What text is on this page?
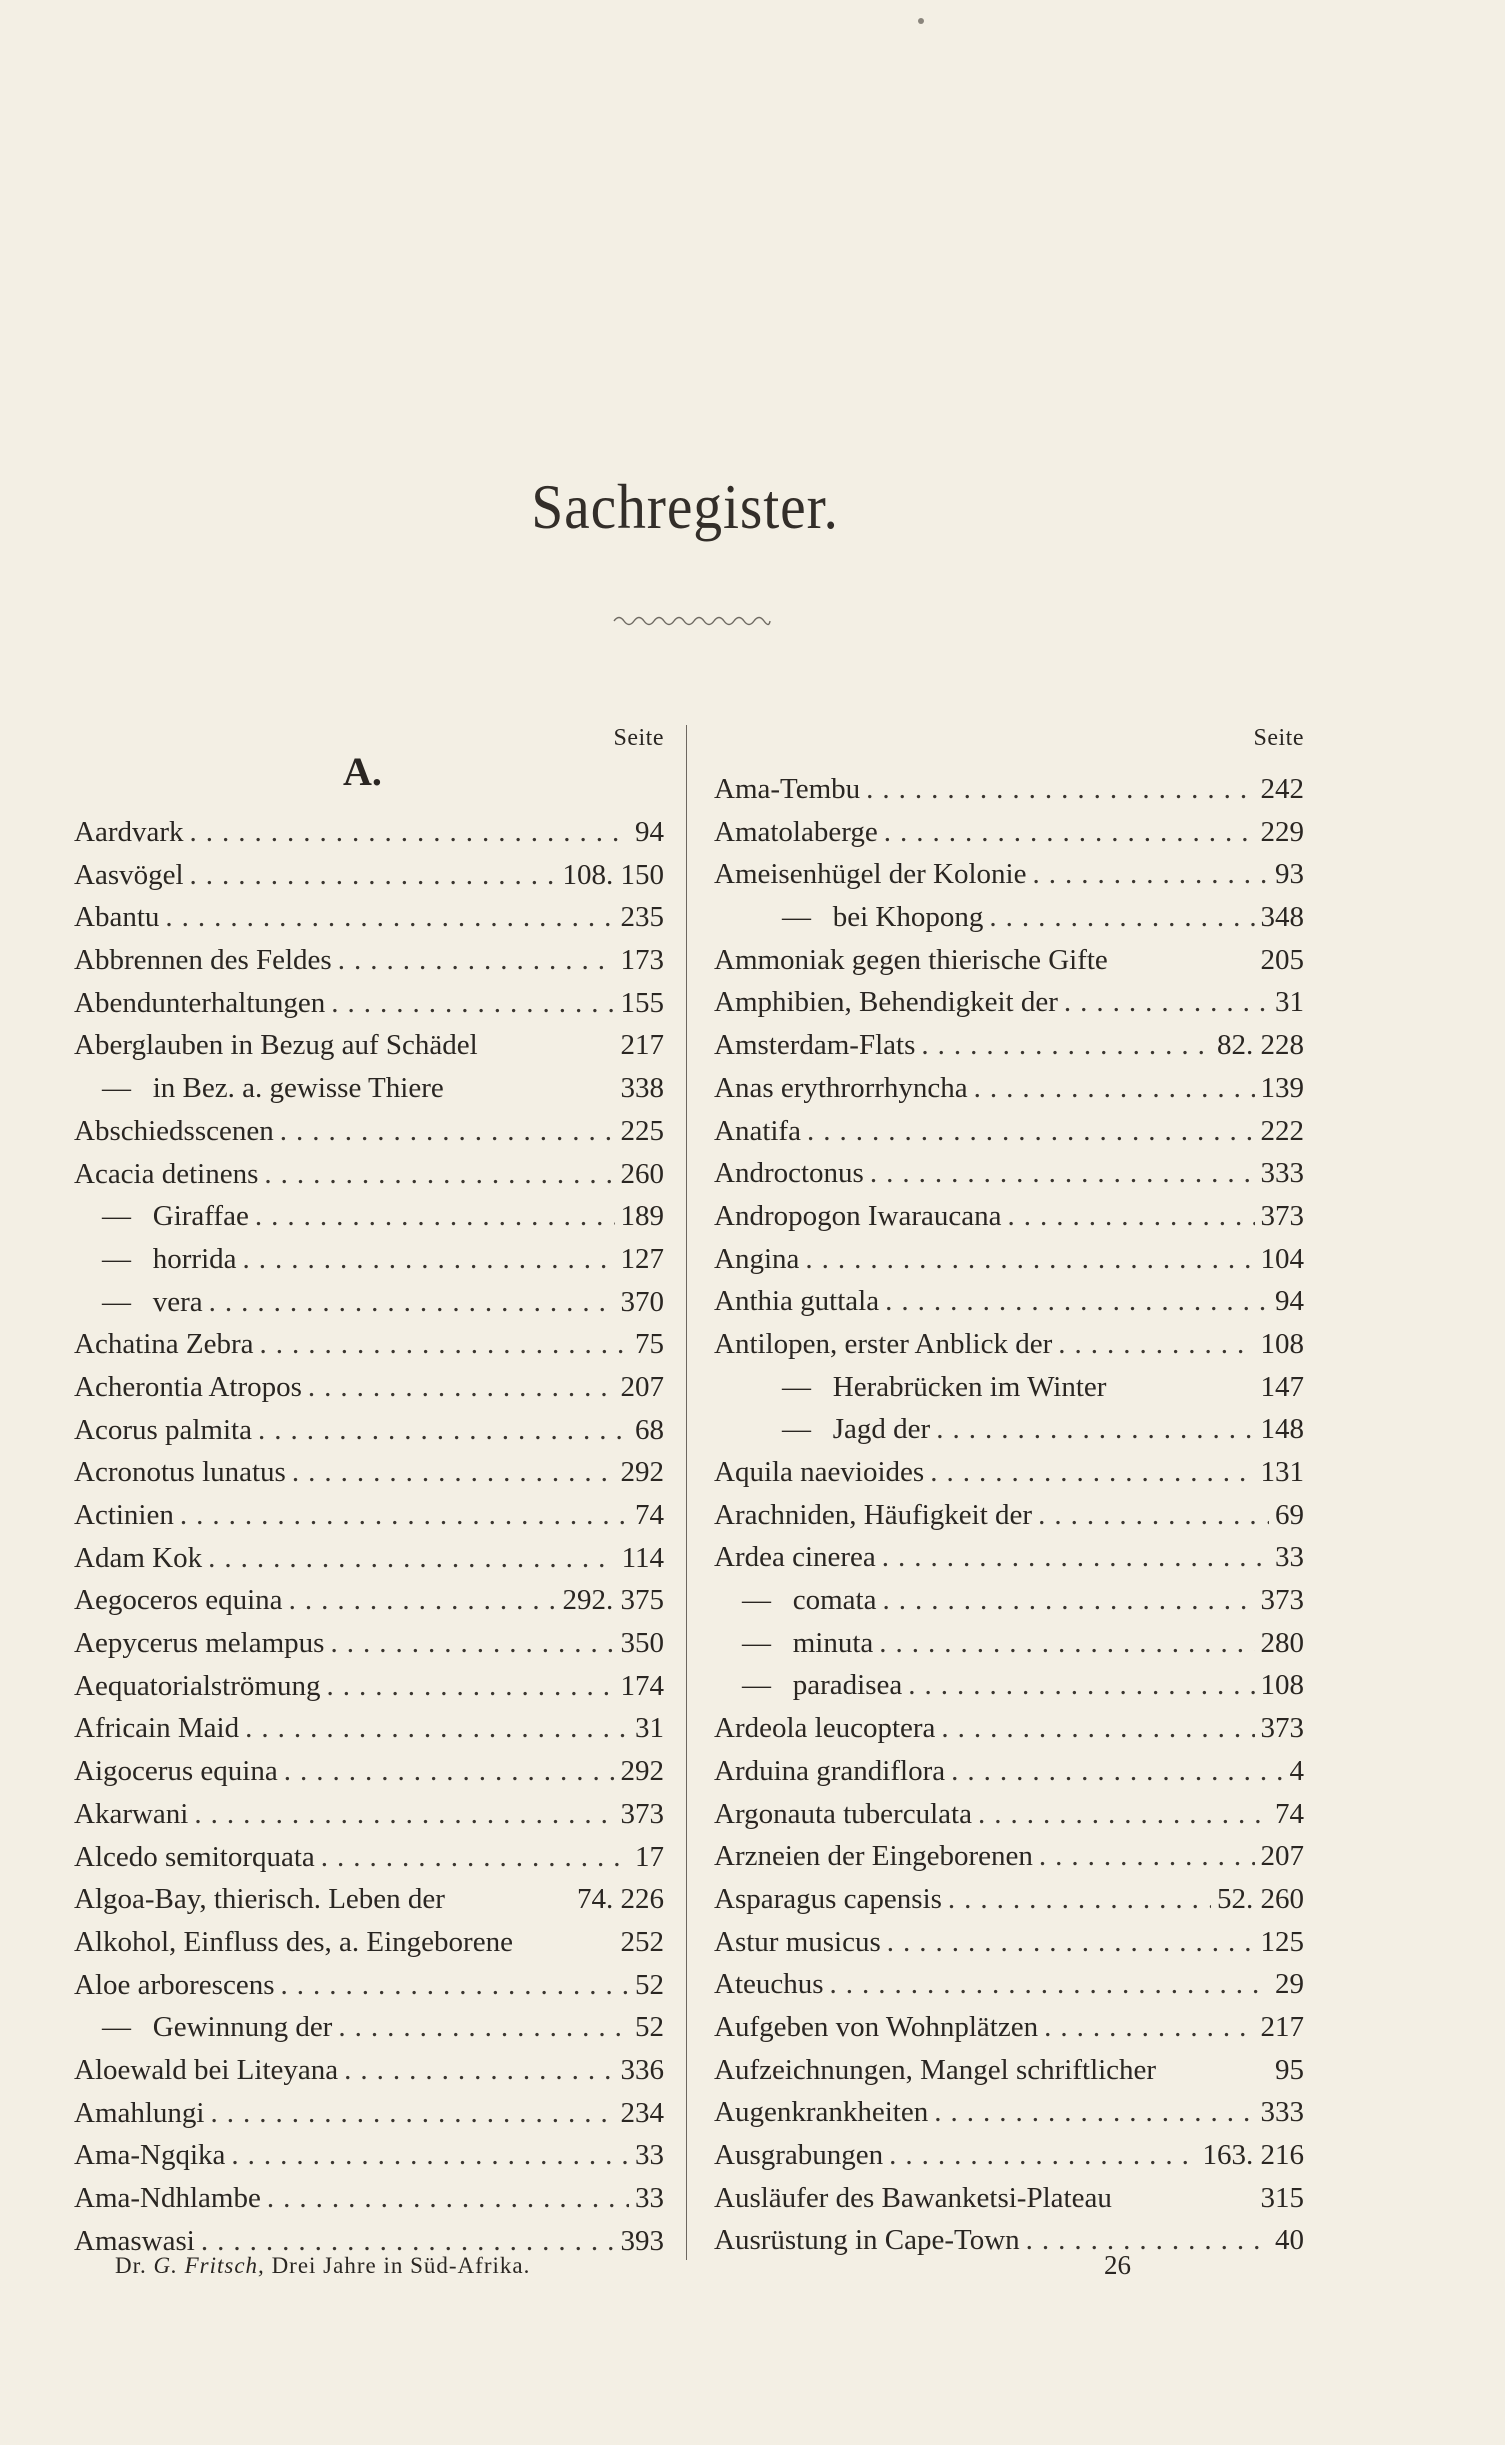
Sachregister.
Seite
A.
Aardvark .....	94
Aasvögel .....	108. 150
Abantu .....	235
Abbrennen des Feldes .....	173
Abendunterhaltungen .....	155
Aberglauben in Bezug auf Schädel	217
—   in Bez. a. gewisse Thiere	338
Abschiedsscenen .....	225
Acacia detinens .....	260
—   Giraffae .....	189
—   horrida .....	127
—   vera .....	370
Achatina Zebra .....	75
Acherontia Atropos .....	207
Acorus palmita .....	68
Acronotus lunatus .....	292
Actinien .....	74
Adam Kok .....	114
Aegoceros equina .....	292. 375
Aepycerus melampus .....	350
Aequatorialströmung .....	174
Africain Maid .....	31
Aigocerus equina .....	292
Akarwani .....	373
Alcedo semitorquata .....	17
Algoa-Bay, thierisch. Leben der	74. 226
Alkohol, Einfluss des, a. Eingeborene	252
Aloe arborescens .....	52
—   Gewinnung der .....	52
Aloewald bei Liteyana .....	336
Amahlungi .....	234
Ama-Ngqika .....	33
Ama-Ndhlambe .....	33
Amaswasi .....	393
Seite
Ama-Tembu .....	242
Amatolaberge .....	229
Ameisenhügel der Kolonie .....	93
—   bei Khopong .....	348
Ammoniak gegen thierische Gifte	205
Amphibien, Behendigkeit der .....	31
Amsterdam-Flats .....	82. 228
Anas erythrorrhyncha .....	139
Anatifa .....	222
Androctonus .....	333
Andropogon Iwaraucana .....	373
Angina .....	104
Anthia guttala .....	94
Antilopen, erster Anblick der .....	108
—   Herabrücken im Winter	147
—   Jagd der .....	148
Aquila naevioides .....	131
Arachniden, Häufigkeit der .....	69
Ardea cinerea .....	33
—   comata .....	373
—   minuta .....	280
—   paradisea .....	108
Ardeola leucoptera .....	373
Arduina grandiflora .....	4
Argonauta tuberculata .....	74
Arzneien der Eingeborenen .....	207
Asparagus capensis .....	52. 260
Astur musicus .....	125
Ateuchus .....	29
Aufgeben von Wohnplätzen .....	217
Aufzeichnungen, Mangel schriftlicher	95
Augenkrankheiten .....	333
Ausgrabungen .....	163. 216
Ausläufer des Bawanketsi-Plateau	315
Ausrüstung in Cape-Town .....	40
Dr. G. Fritsch, Drei Jahre in Süd-Afrika.	26
